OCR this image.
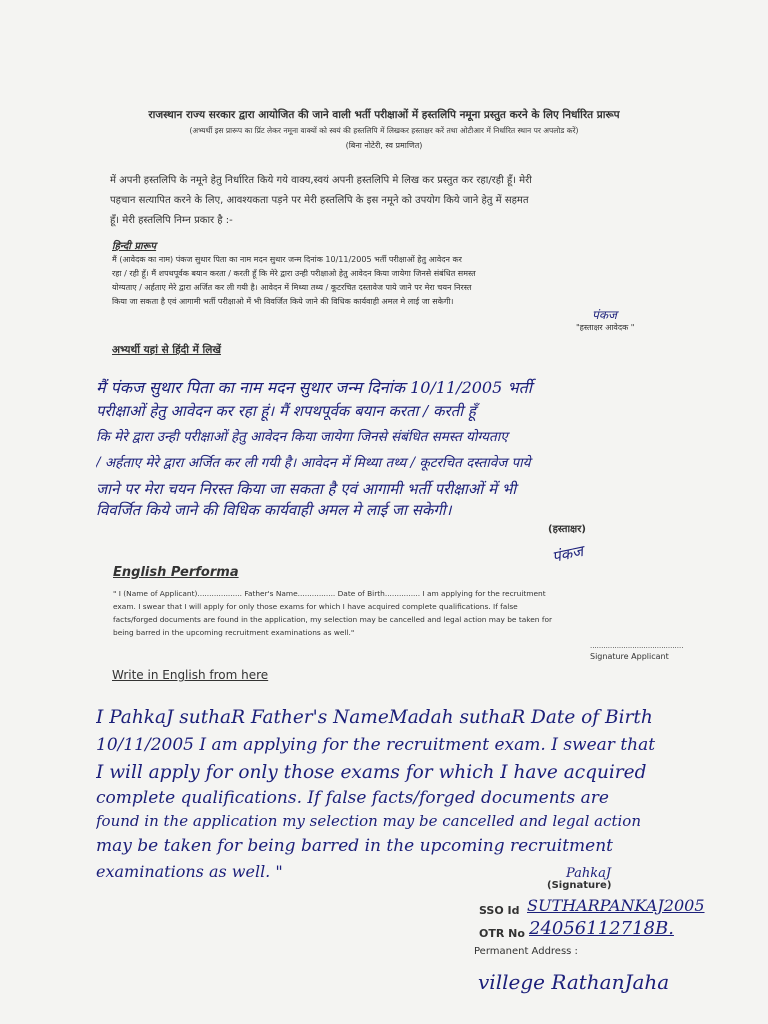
राजस्थान राज्य सरकार द्वारा आयोजित की जाने वाली भर्ती परीक्षाओं में हस्तलिपि नमूना प्रस्तुत करने के लिए निर्धारित प्रारूप
(अभ्यर्थी इस प्रारूप का प्रिंट लेकर नमूना वाक्यों को स्वयं की हस्तलिपि में लिखकर हस्ताक्षर करें तथा ओटीआर में निर्धारित स्थान पर अपलोड करें)
(बिना नोटेरी, स्व प्रमाणित)
में अपनी हस्तलिपि के नमूने हेतु निर्धारित किये गये वाक्य,स्वयं अपनी हस्तलिपि मे लिख कर प्रस्तुत कर रहा/रही हूँ। मेरी
पहचान सत्यापित करने के लिए, आवश्यकता पड़ने पर मेरी हस्तलिपि के इस नमूने को उपयोग किये जाने हेतु में सहमत
हूँ। मेरी हस्तलिपि निम्न प्रकार है :-
हिन्दी प्रारूप
मैं (आवेदक का नाम) पंकज सुथार पिता का नाम मदन सुथार जन्म दिनांक 10/11/2005 भर्ती परीक्षाओं हेतु आवेदन कर
रहा / रही हूँ। मैं शपथपूर्वक बयान करता / करती हूँ कि मेरे द्वारा उन्ही परीक्षाओ हेतु आवेदन किया जायेगा जिनसे संबंधित समस्त
योग्यताए / अर्हताए मेरे द्वारा अर्जित कर ली गयी है। आवेदन में मिथ्या तथ्य / कूटरचित दस्तावेज पाये जाने पर मेरा चयन निरस्त
किया जा सकता है एवं आगामी भर्ती परीक्षाओ में भी विवर्जित किये जाने की विधिक कार्यवाही अमल मे लाई जा सकेगी।
पंकज
"हस्ताक्षर आवेदक "
अभ्यर्थी यहां से हिंदी में लिखें
मैं पंकज सुथार पिता का नाम मदन सुथार जन्म दिनांक 10/11/2005 भर्ती
परीक्षाओं हेतु आवेदन कर रहा हूं। मैं शपथपूर्वक बयान करता / करती हूँ
कि मेरे द्वारा उन्ही परीक्षाओं हेतु आवेदन किया जायेगा जिनसे संबंधित समस्त योग्यताए
/ अर्हताए मेरे द्वारा अर्जित कर ली गयी है। आवेदन में मिथ्या तथ्य / कूटरचित दस्तावेज पाये
जाने पर मेरा चयन निरस्त किया जा सकता है एवं आगामी भर्ती परीक्षाओं में भी
विवर्जित किये जाने की विधिक कार्यवाही अमल मे लाई जा सकेगी।
(हस्ताक्षर)
पंकज
English Performa
" I (Name of Applicant)................... Father's Name................ Date of Birth............... I am applying for the recruitment
exam. I swear that I will apply for only those exams for which I have acquired complete qualifications. If false
facts/forged documents are found in the application, my selection may be cancelled and legal action may be taken for
being barred in the upcoming recruitment examinations as well."
..........................................
Signature Applicant
Write in English from here
I PahkaJ suthaR Father's NameMadah suthaR Date of Birth
10/11/2005 I am applying for the recruitment exam. I swear that
I will apply for only those exams for which I have acquired
complete qualifications. If false facts/forged documents are
found in the application my selection may be cancelled and legal action
may be taken for being barred in the upcoming recruitment
examinations as well. "	PahkaJ
(Signature)
SSO Id SUTHARPANKAJ2005
OTR No 24056112718B.
Permanent Address :
villege RathanJaha
